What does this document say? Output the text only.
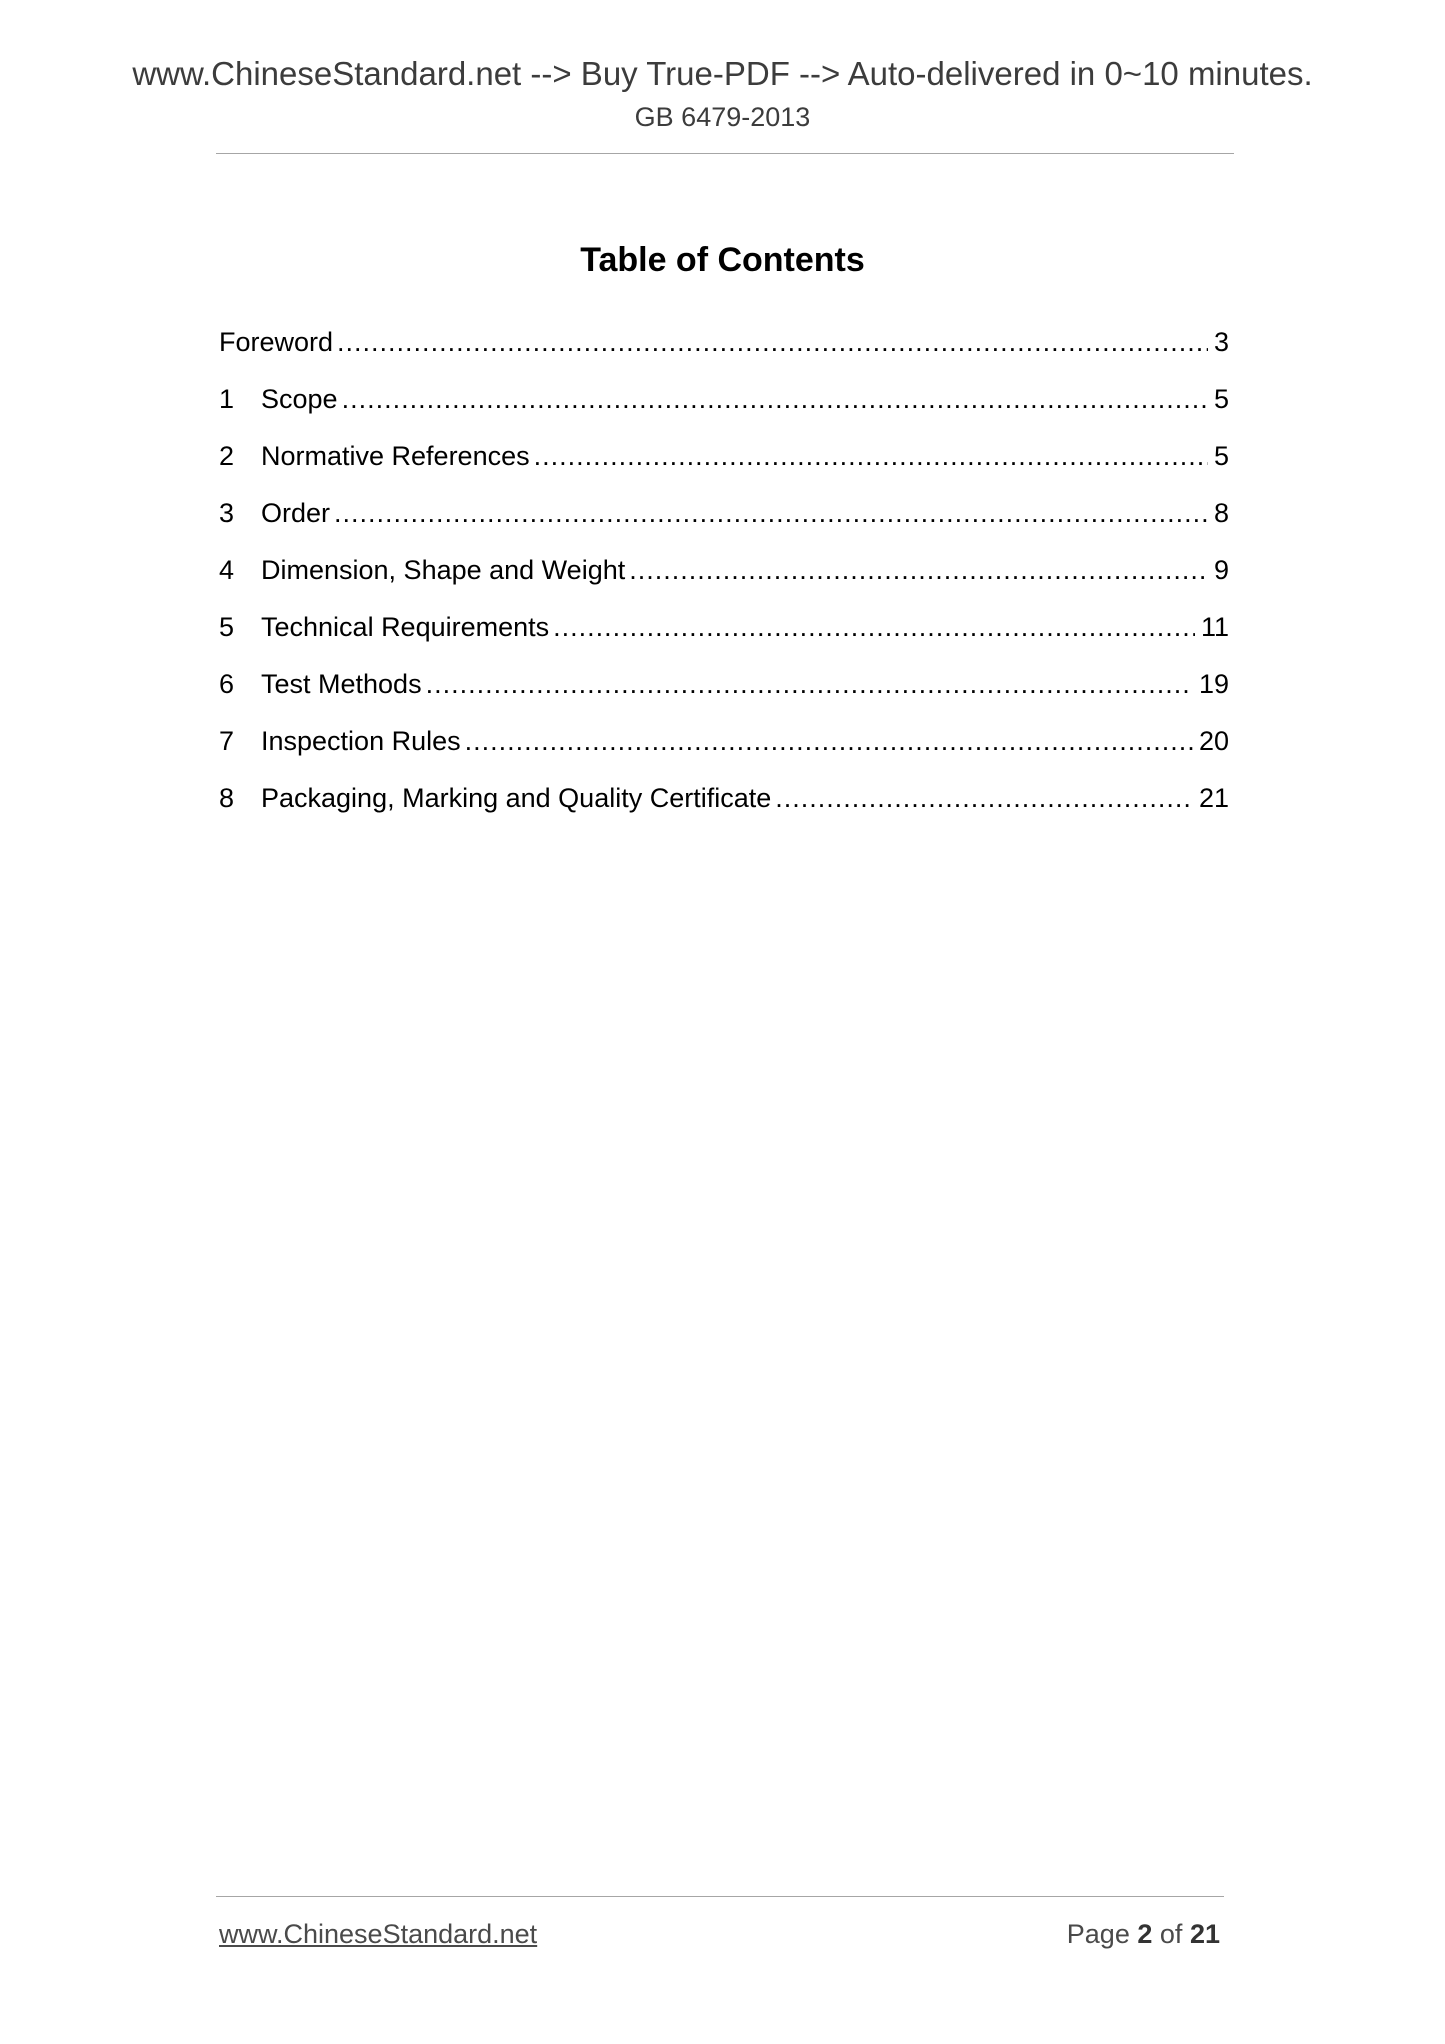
www.ChineseStandard.net --> Buy True-PDF --> Auto-delivered in 0~10 minutes.
GB 6479-2013
Table of Contents
Foreword .....	3
1 Scope .....	5
2 Normative References .....	5
3 Order .....	8
4 Dimension, Shape and Weight .....	9
5 Technical Requirements .....	11
6 Test Methods .....	19
7 Inspection Rules .....	20
8 Packaging, Marking and Quality Certificate .....	21
www.ChineseStandard.net	Page 2 of 21
